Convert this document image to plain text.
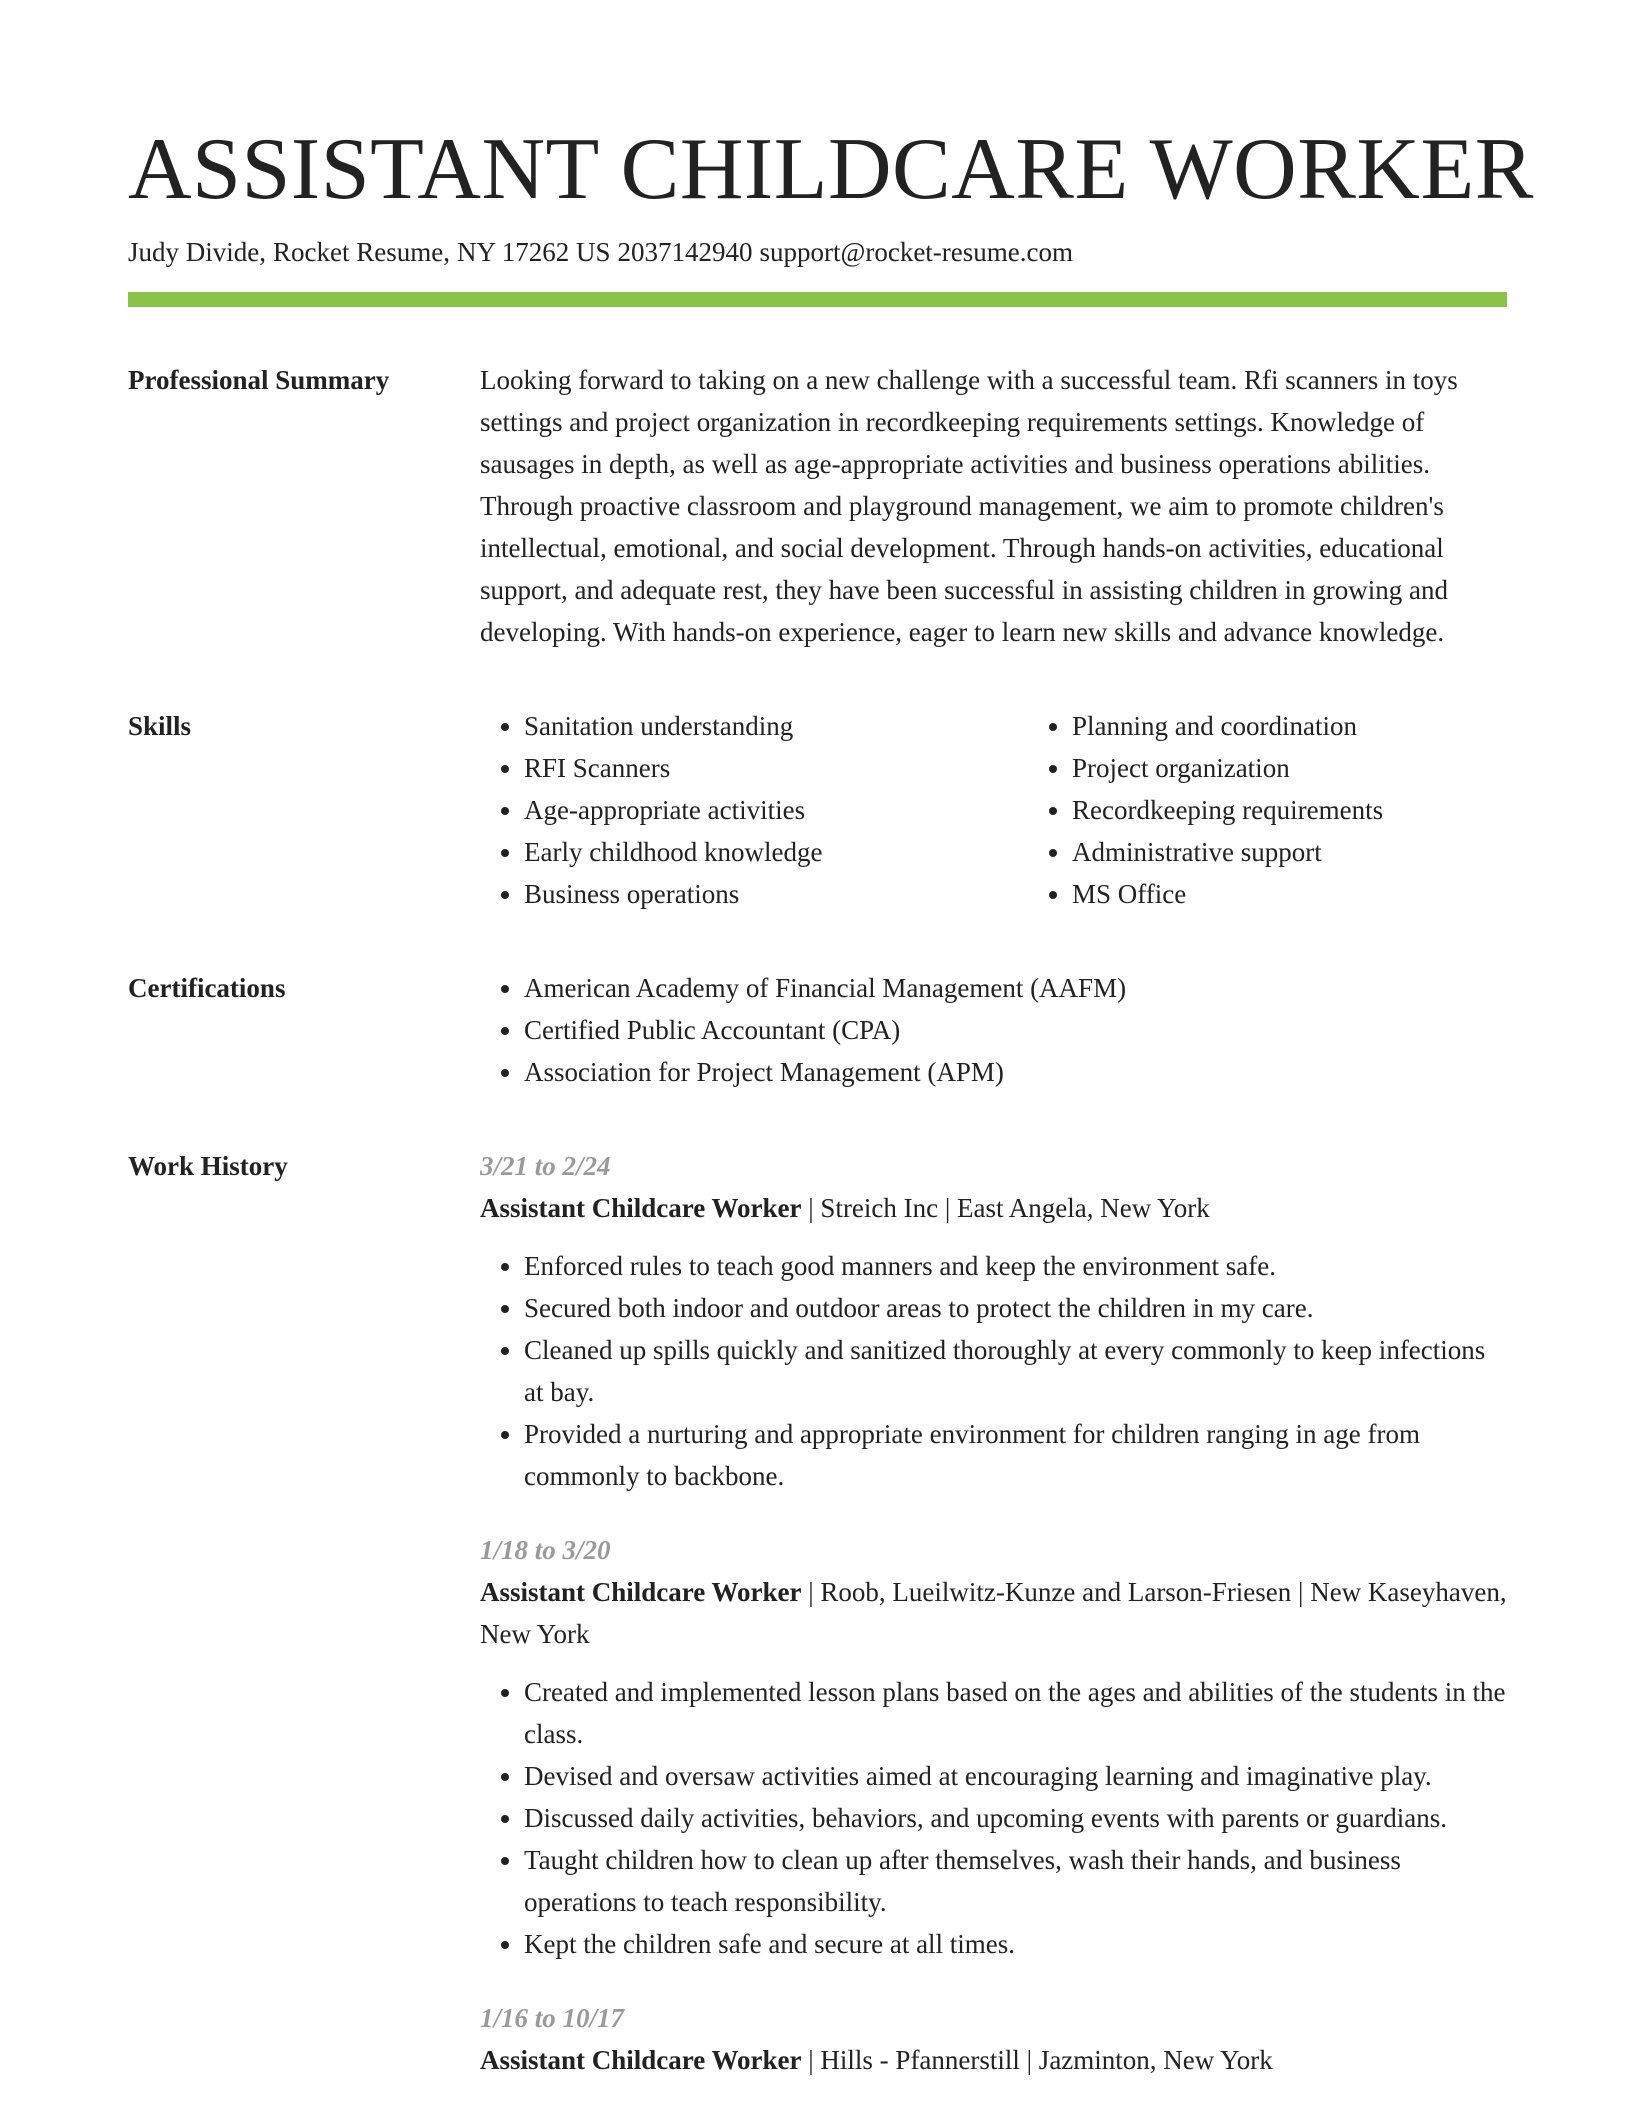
ASSISTANT CHILDCARE WORKER
Judy Divide, Rocket Resume, NY 17262 US 2037142940 support@rocket-resume.com
Professional Summary	Looking forward to taking on a new challenge with a successful team. Rfi scanners in toys settings and project organization in recordkeeping requirements settings. Knowledge of sausages in depth, as well as age-appropriate activities and business operations abilities. Through proactive classroom and playground management, we aim to promote children's intellectual, emotional, and social development. Through hands-on activities, educational support, and adequate rest, they have been successful in assisting children in growing and developing. With hands-on experience, eager to learn new skills and advance knowledge.
Skills	• Sanitation understanding
• RFI Scanners
• Age-appropriate activities
• Early childhood knowledge
• Business operations
• Planning and coordination
• Project organization
• Recordkeeping requirements
• Administrative support
• MS Office
Certifications	• American Academy of Financial Management (AAFM)
• Certified Public Accountant (CPA)
• Association for Project Management (APM)
Work History	3/21 to 2/24
Assistant Childcare Worker | Streich Inc | East Angela, New York
• Enforced rules to teach good manners and keep the environment safe.
• Secured both indoor and outdoor areas to protect the children in my care.
• Cleaned up spills quickly and sanitized thoroughly at every commonly to keep infections at bay.
• Provided a nurturing and appropriate environment for children ranging in age from commonly to backbone.
1/18 to 3/20
Assistant Childcare Worker | Roob, Lueilwitz-Kunze and Larson-Friesen | New Kaseyhaven, New York
• Created and implemented lesson plans based on the ages and abilities of the students in the class.
• Devised and oversaw activities aimed at encouraging learning and imaginative play.
• Discussed daily activities, behaviors, and upcoming events with parents or guardians.
• Taught children how to clean up after themselves, wash their hands, and business operations to teach responsibility.
• Kept the children safe and secure at all times.
1/16 to 10/17
Assistant Childcare Worker | Hills - Pfannerstill | Jazminton, New York
